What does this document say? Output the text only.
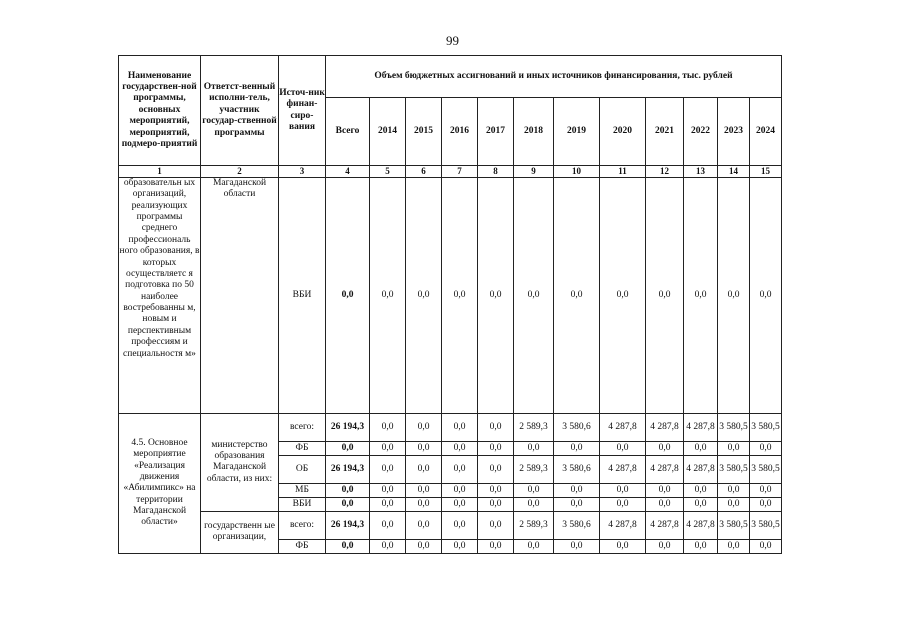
99
Наименование государствен-ной программы, основных мероприятий, мероприятий, подмеро-приятий	Ответст-венный исполни-тель, участник государ-ственной программы	Источ-ник финан-сиро-вания	Объем бюджетных ассигнований и иных источников финансирования, тыс. рублей											
			Всего	2014	2015	2016	2017	2018	2019	2020	2021	2022	2023	2024
1	2	3	4	5	6	7	8	9	10	11	12	13	14	15
образовательн ых организаций, реализующих программы среднего профессиональ ного образования, в которых осуществляетс я подготовка по 50 наиболее востребованны м, новым и перспективным профессиям и специальностя м»	Магаданской области	ВБИ	0,0	0,0	0,0	0,0	0,0	0,0	0,0	0,0	0,0	0,0	0,0	0,0
4.5. Основное мероприятие «Реализация движения «Абилимпикс» на территории Магаданской области»	министерство образования Магаданской области, из них:	всего:	26 194,3	0,0	0,0	0,0	0,0	2 589,3	3 580,6	4 287,8	4 287,8	4 287,8	3 580,5	3 580,5
		ФБ	0,0	0,0	0,0	0,0	0,0	0,0	0,0	0,0	0,0	0,0	0,0	0,0
		ОБ	26 194,3	0,0	0,0	0,0	0,0	2 589,3	3 580,6	4 287,8	4 287,8	4 287,8	3 580,5	3 580,5
		МБ	0,0	0,0	0,0	0,0	0,0	0,0	0,0	0,0	0,0	0,0	0,0	0,0
		ВБИ	0,0	0,0	0,0	0,0	0,0	0,0	0,0	0,0	0,0	0,0	0,0	0,0
	государственн ые организации,	всего:	26 194,3	0,0	0,0	0,0	0,0	2 589,3	3 580,6	4 287,8	4 287,8	4 287,8	3 580,5	3 580,5
		ФБ	0,0	0,0	0,0	0,0	0,0	0,0	0,0	0,0	0,0	0,0	0,0	0,0
